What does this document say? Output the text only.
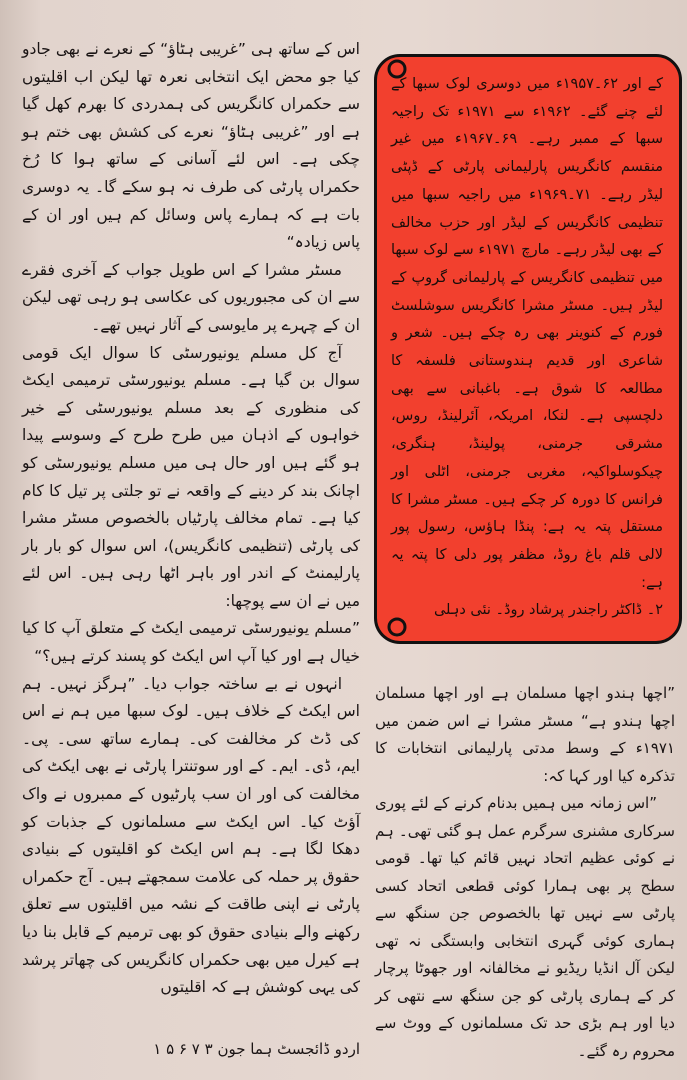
اس کے ساتھ ہی ”غریبی ہٹاؤ“ کے نعرے نے بھی جادو کیا جو محض ایک انتخابی نعرہ تھا لیکن اب اقلیتوں سے حکمراں کانگریس کی ہمدردی کا بھرم کھل گیا ہے اور ”غریبی ہٹاؤ“ نعرے کی کشش بھی ختم ہو چکی ہے۔ اس لئے آسانی کے ساتھ ہوا کا رُخ حکمراں پارٹی کی طرف نہ ہو سکے گا۔ یہ دوسری بات ہے کہ ہمارے پاس وسائل کم ہیں اور ان کے پاس زیادہ“

مسٹر مشرا کے اس طویل جواب کے آخری فقرے سے ان کی مجبوریوں کی عکاسی ہو رہی تھی لیکن ان کے چہرے پر مایوسی کے آثار نہیں تھے۔

آج کل مسلم یونیورسٹی کا سوال ایک قومی سوال بن گیا ہے۔ مسلم یونیورسٹی ترمیمی ایکٹ کی منظوری کے بعد مسلم یونیورسٹی کے خیر خواہوں کے اذہان میں طرح طرح کے وسوسے پیدا ہو گئے ہیں اور حال ہی میں مسلم یونیورسٹی کو اچانک بند کر دینے کے واقعہ نے تو جلتی پر تیل کا کام کیا ہے۔ تمام مخالف پارٹیاں بالخصوص مسٹر مشرا کی پارٹی (تنظیمی کانگریس)، اس سوال کو بار بار پارلیمنٹ کے اندر اور باہر اٹھا رہی ہیں۔ اس لئے میں نے ان سے پوچھا:

”مسلم یونیورسٹی ترمیمی ایکٹ کے متعلق آپ کا کیا خیال ہے اور کیا آپ اس ایکٹ کو پسند کرتے ہیں؟“

انہوں نے بے ساختہ جواب دیا۔ ”ہرگز نہیں۔ ہم اس ایکٹ کے خلاف ہیں۔ لوک سبھا میں ہم نے اس کی ڈٹ کر مخالفت کی۔ ہمارے ساتھ سی۔ پی۔ ایم، ڈی۔ ایم۔ کے اور سوتنترا پارٹی نے بھی ایکٹ کی مخالفت کی اور ان سب پارٹیوں کے ممبروں نے واک آؤٹ کیا۔ اس ایکٹ سے مسلمانوں کے جذبات کو دھکا لگا ہے۔ ہم اس ایکٹ کو اقلیتوں کے بنیادی حقوق پر حملہ کی علامت سمجھتے ہیں۔ آج حکمراں پارٹی نے اپنی طاقت کے نشہ میں اقلیتوں سے تعلق رکھنے والے بنیادی حقوق کو بھی ترمیم کے قابل بنا دیا ہے کیرل میں بھی حکمراں کانگریس کی چھاتر پرشد کی یہی کوشش ہے کہ اقلیتوں

کے اور ۶۲۔۱۹۵۷ء میں دوسری لوک سبھا کے لئے چنے گئے۔ ۱۹۶۲ء سے ۱۹۷۱ء تک راجیہ سبھا کے ممبر رہے۔ ۶۹۔۱۹۶۷ء میں غیر منقسم کانگریس پارلیمانی پارٹی کے ڈپٹی لیڈر رہے۔ ۷۱۔۱۹۶۹ء میں راجیہ سبھا میں تنظیمی کانگریس کے لیڈر اور حزب مخالف کے بھی لیڈر رہے۔ مارچ ۱۹۷۱ء سے لوک سبھا میں تنظیمی کانگریس کے پارلیمانی گروپ کے لیڈر ہیں۔ مسٹر مشرا کانگریس سوشلسٹ فورم کے کنوینر بھی رہ چکے ہیں۔ شعر و شاعری اور قدیم ہندوستانی فلسفہ کا مطالعہ کا شوق ہے۔ باغبانی سے بھی دلچسپی ہے۔ لنکا، امریکہ، آئرلینڈ، روس، مشرقی جرمنی، پولینڈ، ہنگری، چیکوسلواکیہ، مغربی جرمنی، اٹلی اور فرانس کا دورہ کر چکے ہیں۔ مسٹر مشرا کا مستقل پتہ یہ ہے: پنڈا ہاؤس، رسول پور لالی قلم باغ روڈ، مظفر پور دلی کا پتہ یہ ہے:

۲۔ ڈاکٹر راجندر پرشاد روڈ۔ نئی دہلی

”اچھا ہندو اچھا مسلمان ہے اور اچھا مسلمان اچھا ہندو ہے“ مسٹر مشرا نے اس ضمن میں ۱۹۷۱ء کے وسط مدتی پارلیمانی انتخابات کا تذکرہ کیا اور کہا کہ:

”اس زمانہ میں ہمیں بدنام کرنے کے لئے پوری سرکاری مشنری سرگرم عمل ہو گئی تھی۔ ہم نے کوئی عظیم اتحاد نہیں قائم کیا تھا۔ قومی سطح پر بھی ہمارا کوئی قطعی اتحاد کسی پارٹی سے نہیں تھا بالخصوص جن سنگھ سے ہماری کوئی گہری انتخابی وابستگی نہ تھی لیکن آل انڈیا ریڈیو نے مخالفانہ اور جھوٹا پرچار کر کے ہماری پارٹی کو جن سنگھ سے نتھی کر دیا اور ہم بڑی حد تک مسلمانوں کے ووٹ سے محروم رہ گئے۔

اردو ڈائجسٹ ہما جون ۳ ۷ ۶ ۵ ۱
